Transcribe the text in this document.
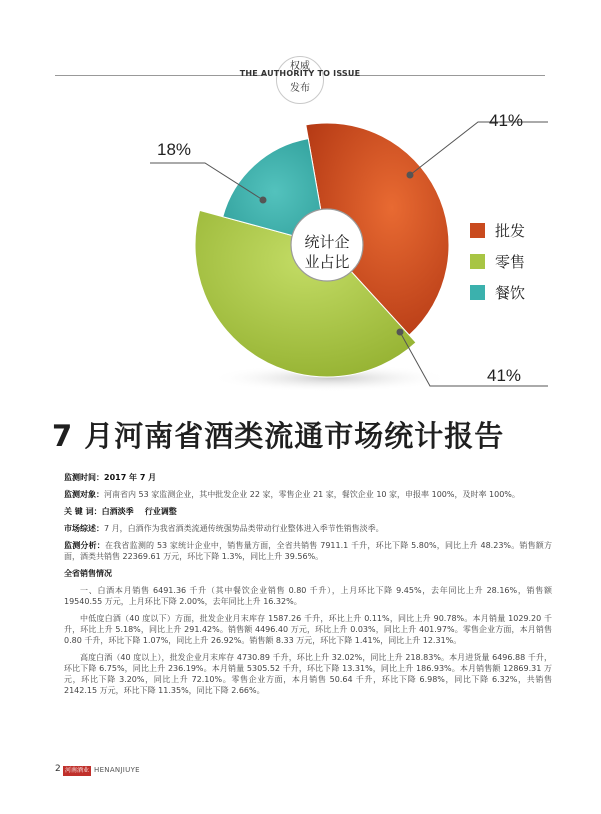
权威
THE AUTHORITY TO ISSUE
发布
41%
41%
18%
统计企
业占比
批发
零售
餐饮
7 月河南省酒类流通市场统计报告
监测时间：2017 年 7 月
监测对象：河南省内 53 家监测企业，其中批发企业 22 家，零售企业 21 家，餐饮企业 10 家，申报率 100%，及时率 100%。
关 键 词：白酒淡季    行业调整
市场综述：7 月，白酒作为我省酒类流通传统强势品类带动行业整体进入季节性销售淡季。
监测分析：在我省监测的 53 家统计企业中，销售量方面，全省共销售 7911.1 千升，环比下降 5.80%，同比上升 48.23%。销售额方面，酒类共销售 22369.61 万元，环比下降 1.3%，同比上升 39.56%。
全省销售情况
一、白酒本月销售 6491.36 千升（其中餐饮企业销售 0.80 千升），上月环比下降 9.45%，去年同比上升 28.16%，销售额 19540.55 万元，上月环比下降 2.00%，去年同比上升 16.32%。
中低度白酒（40 度以下）方面，批发企业月末库存 1587.26 千升，环比上升 0.11%，同比上升 90.78%。本月销量 1029.20 千升，环比上升 5.18%，同比上升 291.42%。销售额 4496.40 万元，环比上升 0.03%，同比上升 401.97%。零售企业方面，本月销售 0.80 千升，环比下降 1.07%，同比上升 26.92%。销售额 8.33 万元，环比下降 1.41%，同比上升 12.31%。
高度白酒（40 度以上），批发企业月末库存 4730.89 千升，环比上升 32.02%，同比上升 218.83%。本月进货量 6496.88 千升，环比下降 6.75%，同比上升 236.19%。本月销量 5305.52 千升，环比下降 13.31%，同比上升 186.93%。本月销售额 12869.31 万元，环比下降 3.20%，同比上升 72.10%。零售企业方面，本月销售 50.64 千升，环比下降 6.98%，同比下降 6.32%，共销售 2142.15 万元，环比下降 11.35%，同比下降 2.66%。
2 河南酒业 HENANJIUYE
